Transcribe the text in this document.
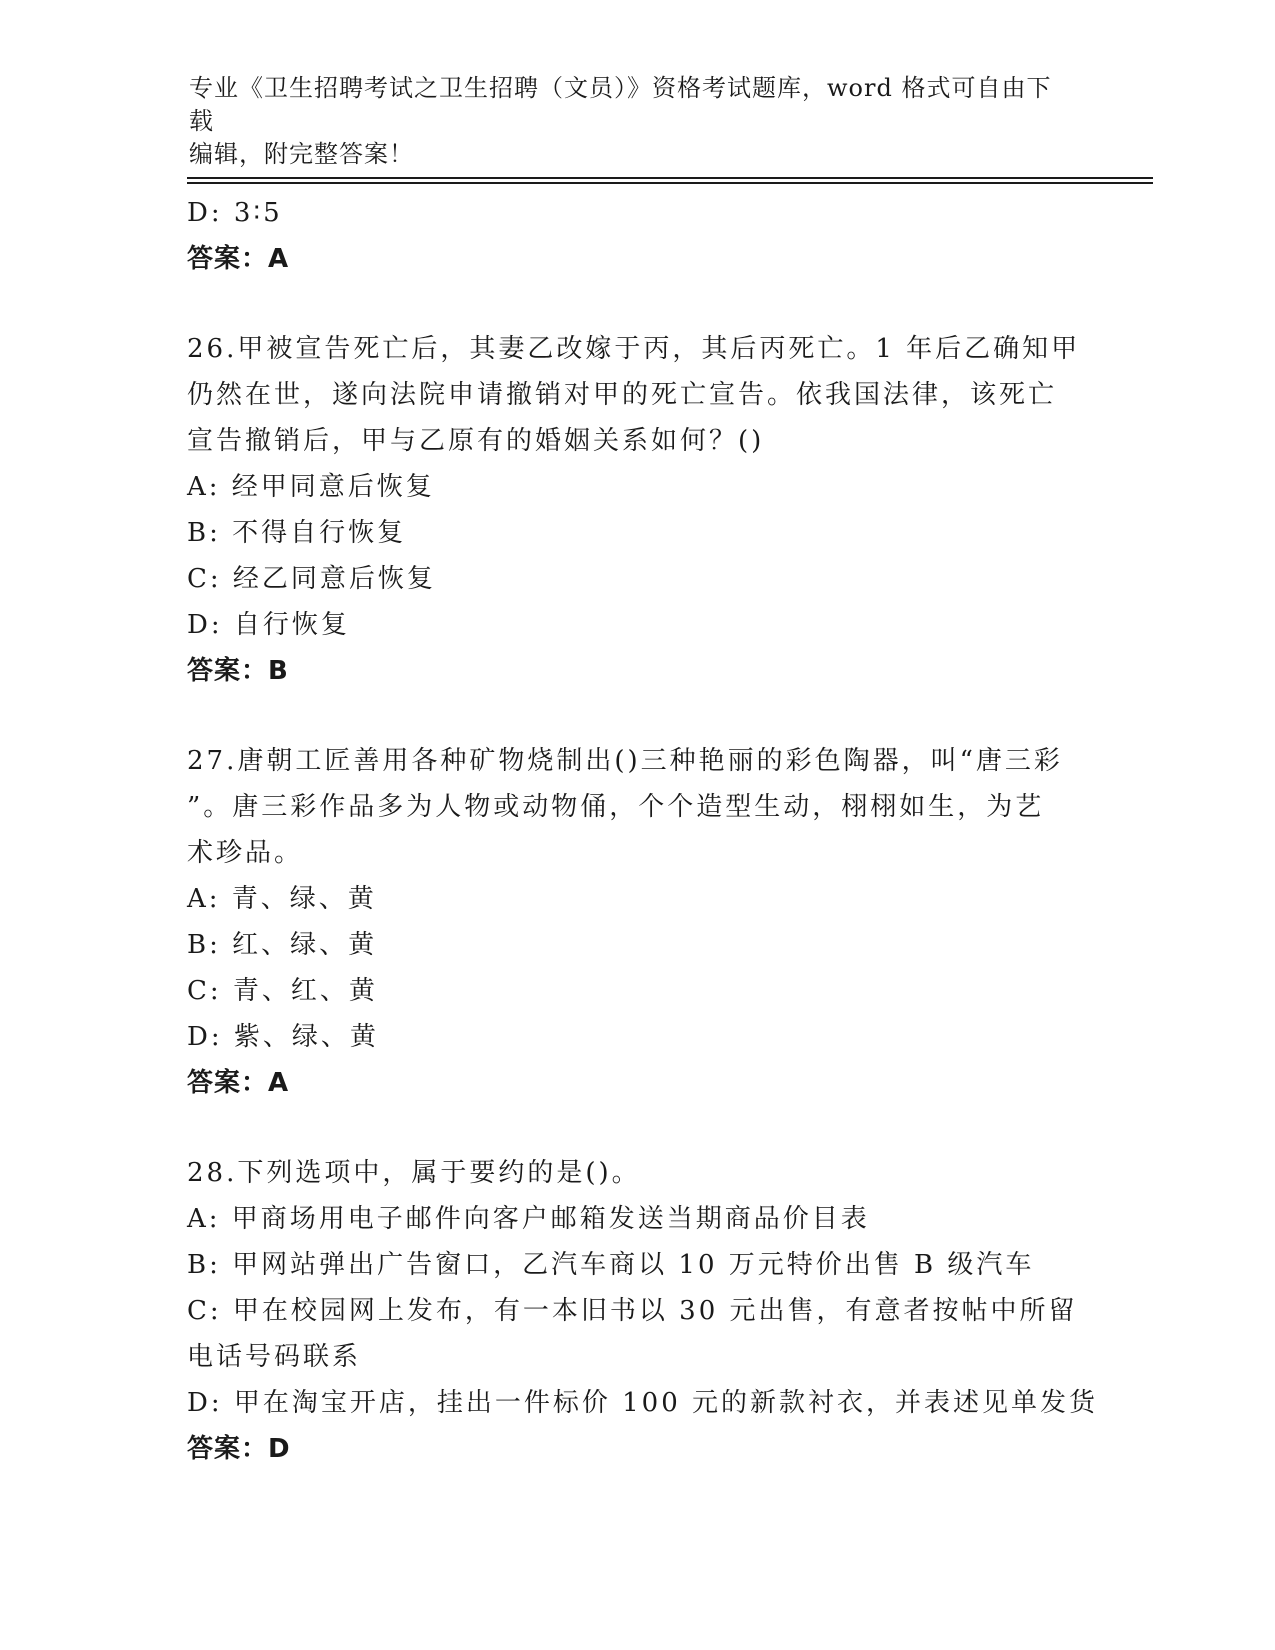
专业《卫生招聘考试之卫生招聘（文员）》资格考试题库，word 格式可自由下载
编辑，附完整答案！
D: 3∶5
答案：A
26.甲被宣告死亡后，其妻乙改嫁于丙，其后丙死亡。1 年后乙确知甲
仍然在世，遂向法院申请撤销对甲的死亡宣告。依我国法律，该死亡
宣告撤销后，甲与乙原有的婚姻关系如何？()
A: 经甲同意后恢复
B: 不得自行恢复
C: 经乙同意后恢复
D: 自行恢复
答案：B
27.唐朝工匠善用各种矿物烧制出()三种艳丽的彩色陶器，叫“唐三彩
”。唐三彩作品多为人物或动物俑，个个造型生动，栩栩如生，为艺
术珍品。
A: 青、绿、黄
B: 红、绿、黄
C: 青、红、黄
D: 紫、绿、黄
答案：A
28.下列选项中，属于要约的是()。
A: 甲商场用电子邮件向客户邮箱发送当期商品价目表
B: 甲网站弹出广告窗口，乙汽车商以 10 万元特价出售 B 级汽车
C: 甲在校园网上发布，有一本旧书以 30 元出售，有意者按帖中所留
电话号码联系
D: 甲在淘宝开店，挂出一件标价 100 元的新款衬衣，并表述见单发货
答案：D
